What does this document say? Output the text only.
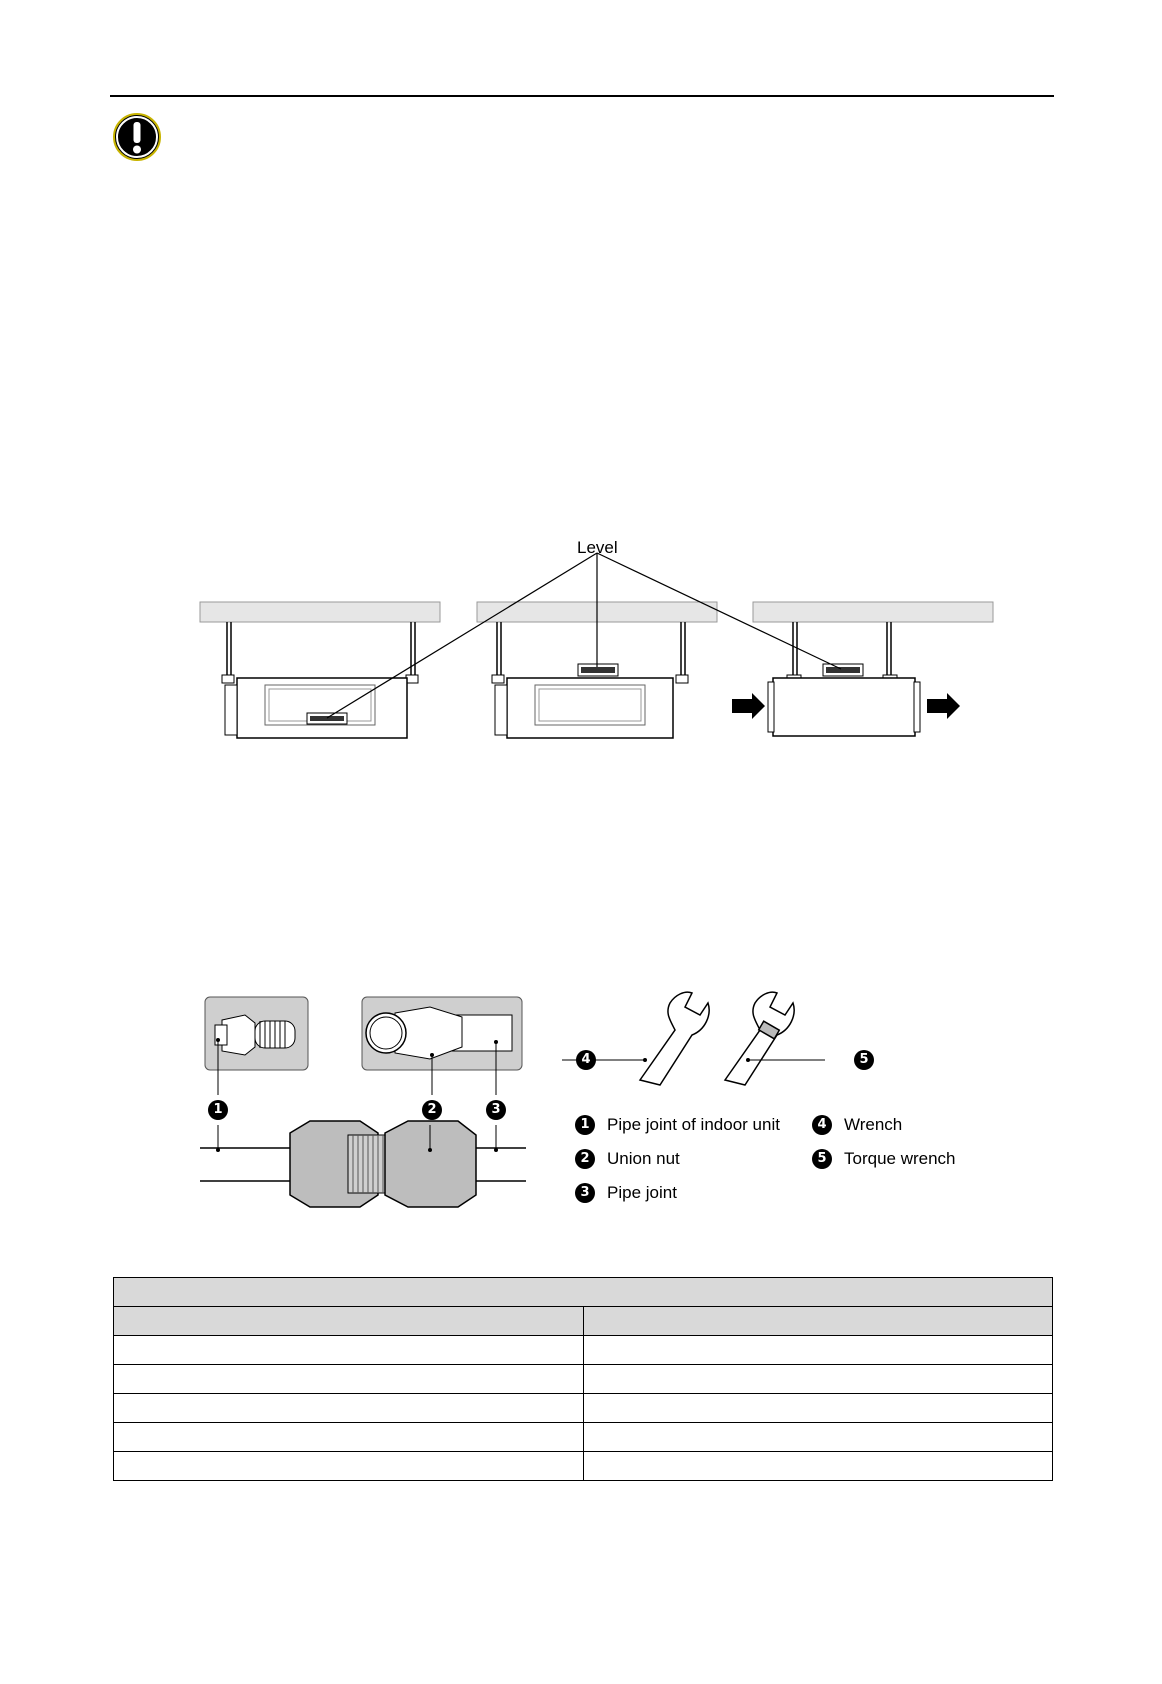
Level
1	2	3
4	5
1	Pipe joint of indoor unit	4	Wrench
2	Union nut	5	Torque wrench
3	Pipe joint
